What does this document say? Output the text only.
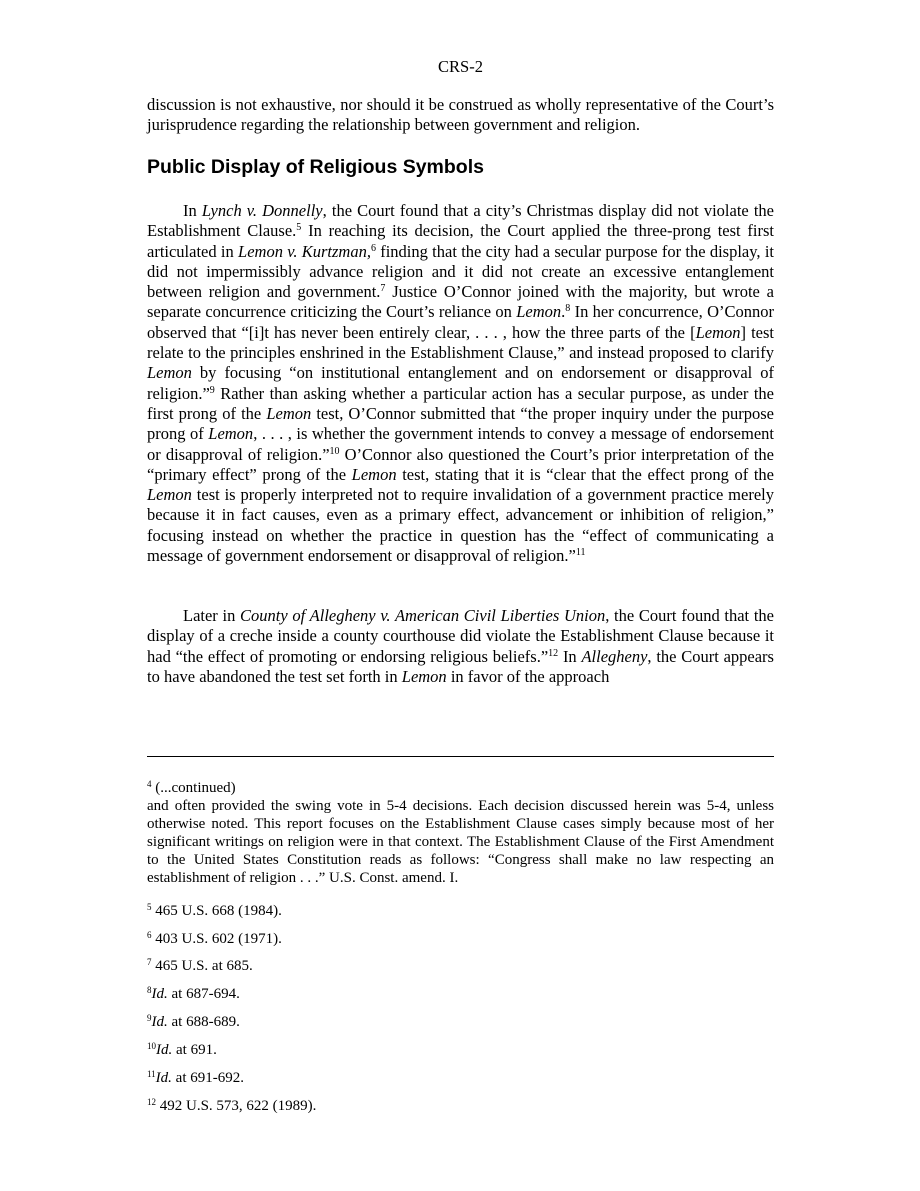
CRS-2

discussion is not exhaustive, nor should it be construed as wholly representative of the Court’s jurisprudence regarding the relationship between government and religion.

Public Display of Religious Symbols

In Lynch v. Donnelly, the Court found that a city’s Christmas display did not violate the Establishment Clause.$^5$ In reaching its decision, the Court applied the three-prong test first articulated in Lemon v. Kurtzman,$^6$ finding that the city had a secular purpose for the display, it did not impermissibly advance religion and it did not create an excessive entanglement between religion and government.$^7$ Justice O’Connor joined with the majority, but wrote a separate concurrence criticizing the Court’s reliance on Lemon.$^8$ In her concurrence, O’Connor observed that “[i]t has never been entirely clear, . . . , how the three parts of the [Lemon] test relate to the principles enshrined in the Establishment Clause,” and instead proposed to clarify Lemon by focusing “on institutional entanglement and on endorsement or disapproval of religion.”$^9$ Rather than asking whether a particular action has a secular purpose, as under the first prong of the Lemon test, O’Connor submitted that “the proper inquiry under the purpose prong of Lemon, . . . , is whether the government intends to convey a message of endorsement or disapproval of religion.”$^{10}$ O’Connor also questioned the Court’s prior interpretation of the “primary effect” prong of the Lemon test, stating that it is “clear that the effect prong of the Lemon test is properly interpreted not to require invalidation of a government practice merely because it in fact causes, even as a primary effect, advancement or inhibition of religion,” focusing instead on whether the practice in question has the “effect of communicating a message of government endorsement or disapproval of religion.”$^{11}$

Later in County of Allegheny v. American Civil Liberties Union, the Court found that the display of a creche inside a county courthouse did violate the Establishment Clause because it had “the effect of promoting or endorsing religious beliefs.”$^{12}$ In Allegheny, the Court appears to have abandoned the test set forth in Lemon in favor of the approach

$^4$ (...continued)
and often provided the swing vote in 5-4 decisions. Each decision discussed herein was 5-4, unless otherwise noted. This report focuses on the Establishment Clause cases simply because most of her significant writings on religion were in that context. The Establishment Clause of the First Amendment to the United States Constitution reads as follows: “Congress shall make no law respecting an establishment of religion . . .” U.S. Const. amend. I.
$^5$ 465 U.S. 668 (1984).
$^6$ 403 U.S. 602 (1971).
$^7$ 465 U.S. at 685.
$^8$Id. at 687-694.
$^9$Id. at 688-689.
$^{10}$Id. at 691.
$^{11}$Id. at 691-692.
$^{12}$ 492 U.S. 573, 622 (1989).
